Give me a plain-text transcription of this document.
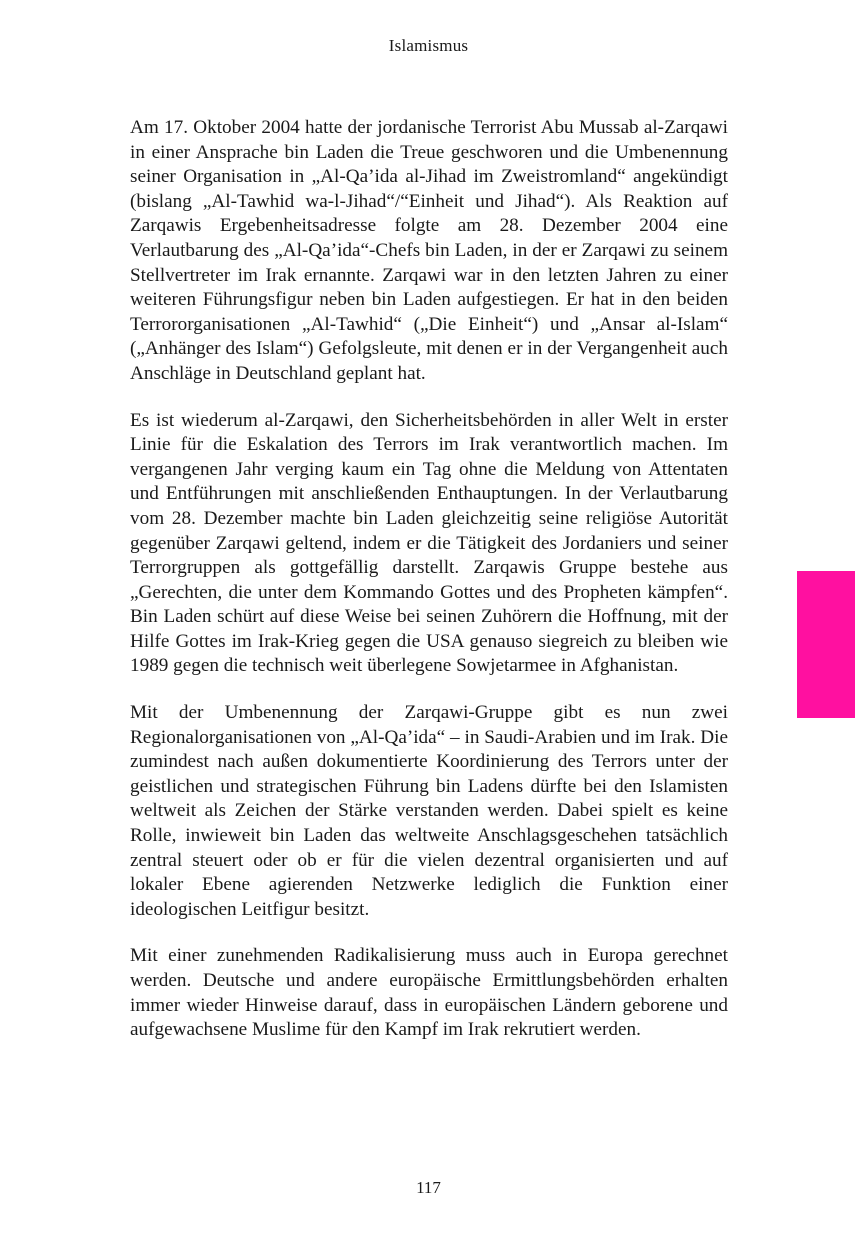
Islamismus

Am 17. Oktober 2004 hatte der jordanische Terrorist Abu Mussab al-Zarqawi in einer Ansprache bin Laden die Treue geschworen und die Umbenennung seiner Organisation in „Al-Qa’ida al-Jihad im Zweistromland“ angekündigt (bislang „Al-Tawhid wa-l-Jihad“/“Einheit und Jihad“). Als Reaktion auf Zarqawis Ergebenheitsadresse folgte am 28. Dezember 2004 eine Verlautbarung des „Al-Qa’ida“-Chefs bin Laden, in der er Zarqawi zu seinem Stellvertreter im Irak ernannte. Zarqawi war in den letzten Jahren zu einer weiteren Führungsfigur neben bin Laden aufgestiegen. Er hat in den beiden Terrororganisationen „Al-Tawhid“ („Die Einheit“) und „Ansar al-Islam“ („Anhänger des Islam“) Gefolgsleute, mit denen er in der Vergangenheit auch Anschläge in Deutschland geplant hat.

Es ist wiederum al-Zarqawi, den Sicherheitsbehörden in aller Welt in erster Linie für die Eskalation des Terrors im Irak verantwortlich machen. Im vergangenen Jahr verging kaum ein Tag ohne die Meldung von Attentaten und Entführungen mit anschließenden Enthauptungen. In der Verlautbarung vom 28. Dezember machte bin Laden gleichzeitig seine religiöse Autorität gegenüber Zarqawi geltend, indem er die Tätigkeit des Jordaniers und seiner Terrorgruppen als gottgefällig darstellt. Zarqawis Gruppe bestehe aus „Gerechten, die unter dem Kommando Gottes und des Propheten kämpfen“. Bin Laden schürt auf diese Weise bei seinen Zuhörern die Hoffnung, mit der Hilfe Gottes im Irak-Krieg gegen die USA genauso siegreich zu bleiben wie 1989 gegen die technisch weit überlegene Sowjetarmee in Afghanistan.

Mit der Umbenennung der Zarqawi-Gruppe gibt es nun zwei Regionalorganisationen von „Al-Qa’ida“ – in Saudi-Arabien und im Irak. Die zumindest nach außen dokumentierte Koordinierung des Terrors unter der geistlichen und strategischen Führung bin Ladens dürfte bei den Islamisten weltweit als Zeichen der Stärke verstanden werden. Dabei spielt es keine Rolle, inwieweit bin Laden das weltweite Anschlagsgeschehen tatsächlich zentral steuert oder ob er für die vielen dezentral organisierten und auf lokaler Ebene agierenden Netzwerke lediglich die Funktion einer ideologischen Leitfigur besitzt.

Mit einer zunehmenden Radikalisierung muss auch in Europa gerechnet werden. Deutsche und andere europäische Ermittlungsbehörden erhalten immer wieder Hinweise darauf, dass in europäischen Ländern geborene und aufgewachsene Muslime für den Kampf im Irak rekrutiert werden.

117
